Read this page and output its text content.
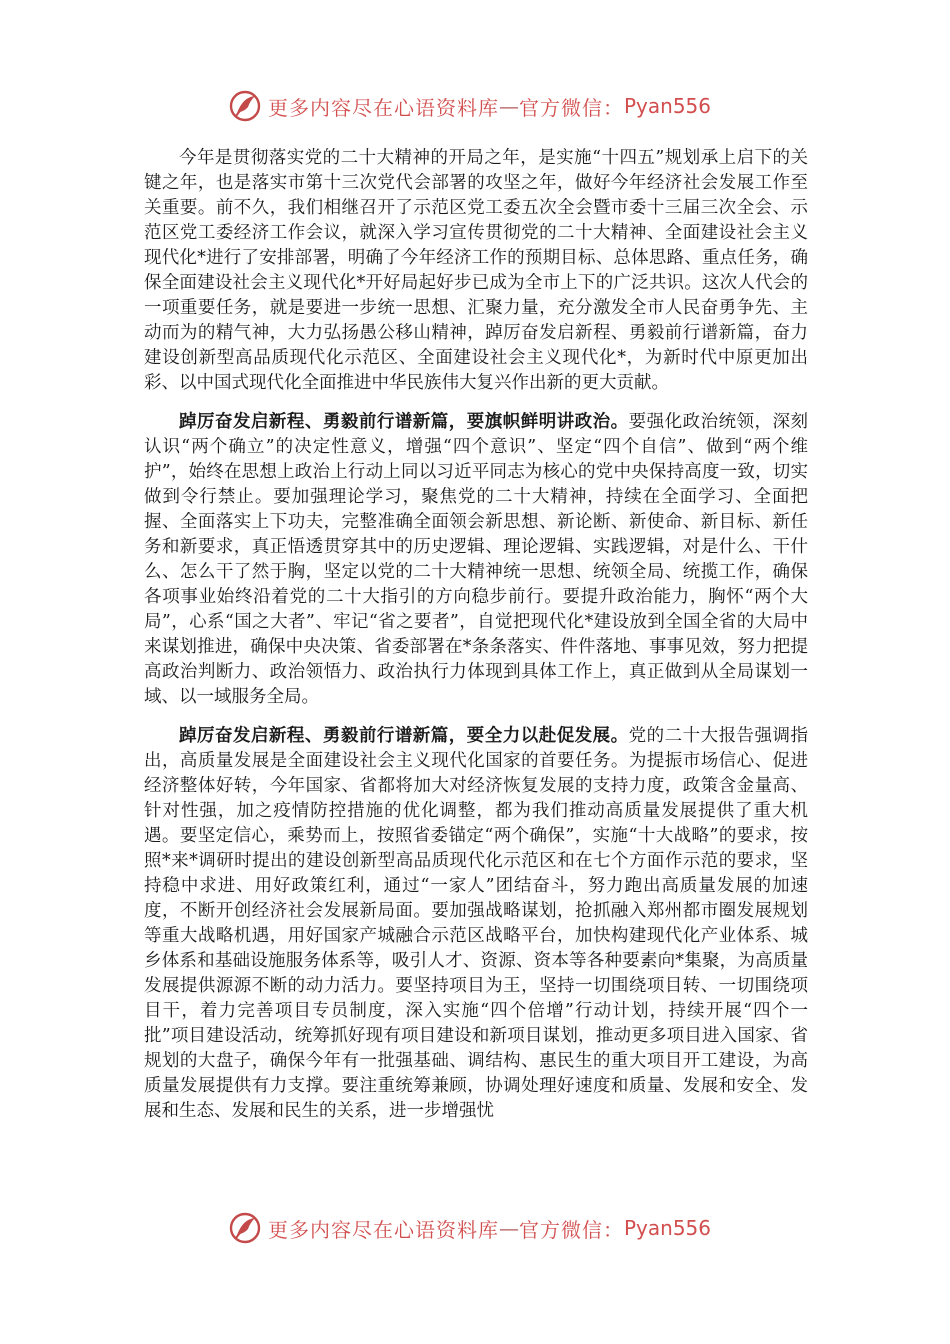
更多内容尽在心语资料库 — 官方微信： Pyan556

今年是贯彻落实党的二十大精神的开局之年，是实施“十四五”规划承上启下的关键之年，也是落实市第十三次党代会部署的攻坚之年，做好今年经济社会发展工作至关重要。前不久，我们相继召开了示范区党工委五次全会暨市委十三届三次全会、示范区党工委经济工作会议，就深入学习宣传贯彻党的二十大精神、全面建设社会主义现代化*进行了安排部署，明确了今年经济工作的预期目标、总体思路、重点任务，确保全面建设社会主义现代化*开好局起好步已成为全市上下的广泛共识。这次人代会的一项重要任务，就是要进一步统一思想、汇聚力量，充分激发全市人民奋勇争先、主动而为的精气神，大力弘扬愚公移山精神，踔厉奋发启新程、勇毅前行谱新篇，奋力建设创新型高品质现代化示范区、全面建设社会主义现代化*，为新时代中原更加出彩、以中国式现代化全面推进中华民族伟大复兴作出新的更大贡献。

踔厉奋发启新程、勇毅前行谱新篇，要旗帜鲜明讲政治。要强化政治统领，深刻认识“两个确立”的决定性意义，增强“四个意识”、坚定“四个自信”、做到“两个维护”，始终在思想上政治上行动上同以习近平同志为核心的党中央保持高度一致，切实做到令行禁止。要加强理论学习，聚焦党的二十大精神，持续在全面学习、全面把握、全面落实上下功夫，完整准确全面领会新思想、新论断、新使命、新目标、新任务和新要求，真正悟透贯穿其中的历史逻辑、理论逻辑、实践逻辑，对是什么、干什么、怎么干了然于胸，坚定以党的二十大精神统一思想、统领全局、统揽工作，确保各项事业始终沿着党的二十大指引的方向稳步前行。要提升政治能力，胸怀“两个大局”，心系“国之大者”、牢记“省之要者”，自觉把现代化*建设放到全国全省的大局中来谋划推进，确保中央决策、省委部署在*条条落实、件件落地、事事见效，努力把提高政治判断力、政治领悟力、政治执行力体现到具体工作上，真正做到从全局谋划一域、以一域服务全局。

踔厉奋发启新程、勇毅前行谱新篇，要全力以赴促发展。党的二十大报告强调指出，高质量发展是全面建设社会主义现代化国家的首要任务。为提振市场信心、促进经济整体好转，今年国家、省都将加大对经济恢复发展的支持力度，政策含金量高、针对性强，加之疫情防控措施的优化调整，都为我们推动高质量发展提供了重大机遇。要坚定信心，乘势而上，按照省委锚定“两个确保”，实施“十大战略”的要求，按照*来*调研时提出的建设创新型高品质现代化示范区和在七个方面作示范的要求，坚持稳中求进、用好政策红利，通过“一家人”团结奋斗，努力跑出高质量发展的加速度，不断开创经济社会发展新局面。要加强战略谋划，抢抓融入郑州都市圈发展规划等重大战略机遇，用好国家产城融合示范区战略平台，加快构建现代化产业体系、城乡体系和基础设施服务体系等，吸引人才、资源、资本等各种要素向*集聚，为高质量发展提供源源不断的动力活力。要坚持项目为王，坚持一切围绕项目转、一切围绕项目干，着力完善项目专员制度，深入实施“四个倍增”行动计划，持续开展“四个一批”项目建设活动，统筹抓好现有项目建设和新项目谋划，推动更多项目进入国家、省规划的大盘子，确保今年有一批强基础、调结构、惠民生的重大项目开工建设，为高质量发展提供有力支撑。要注重统筹兼顾，协调处理好速度和质量、发展和安全、发展和生态、发展和民生的关系，进一步增强忧

更多内容尽在心语资料库 — 官方微信： Pyan556
